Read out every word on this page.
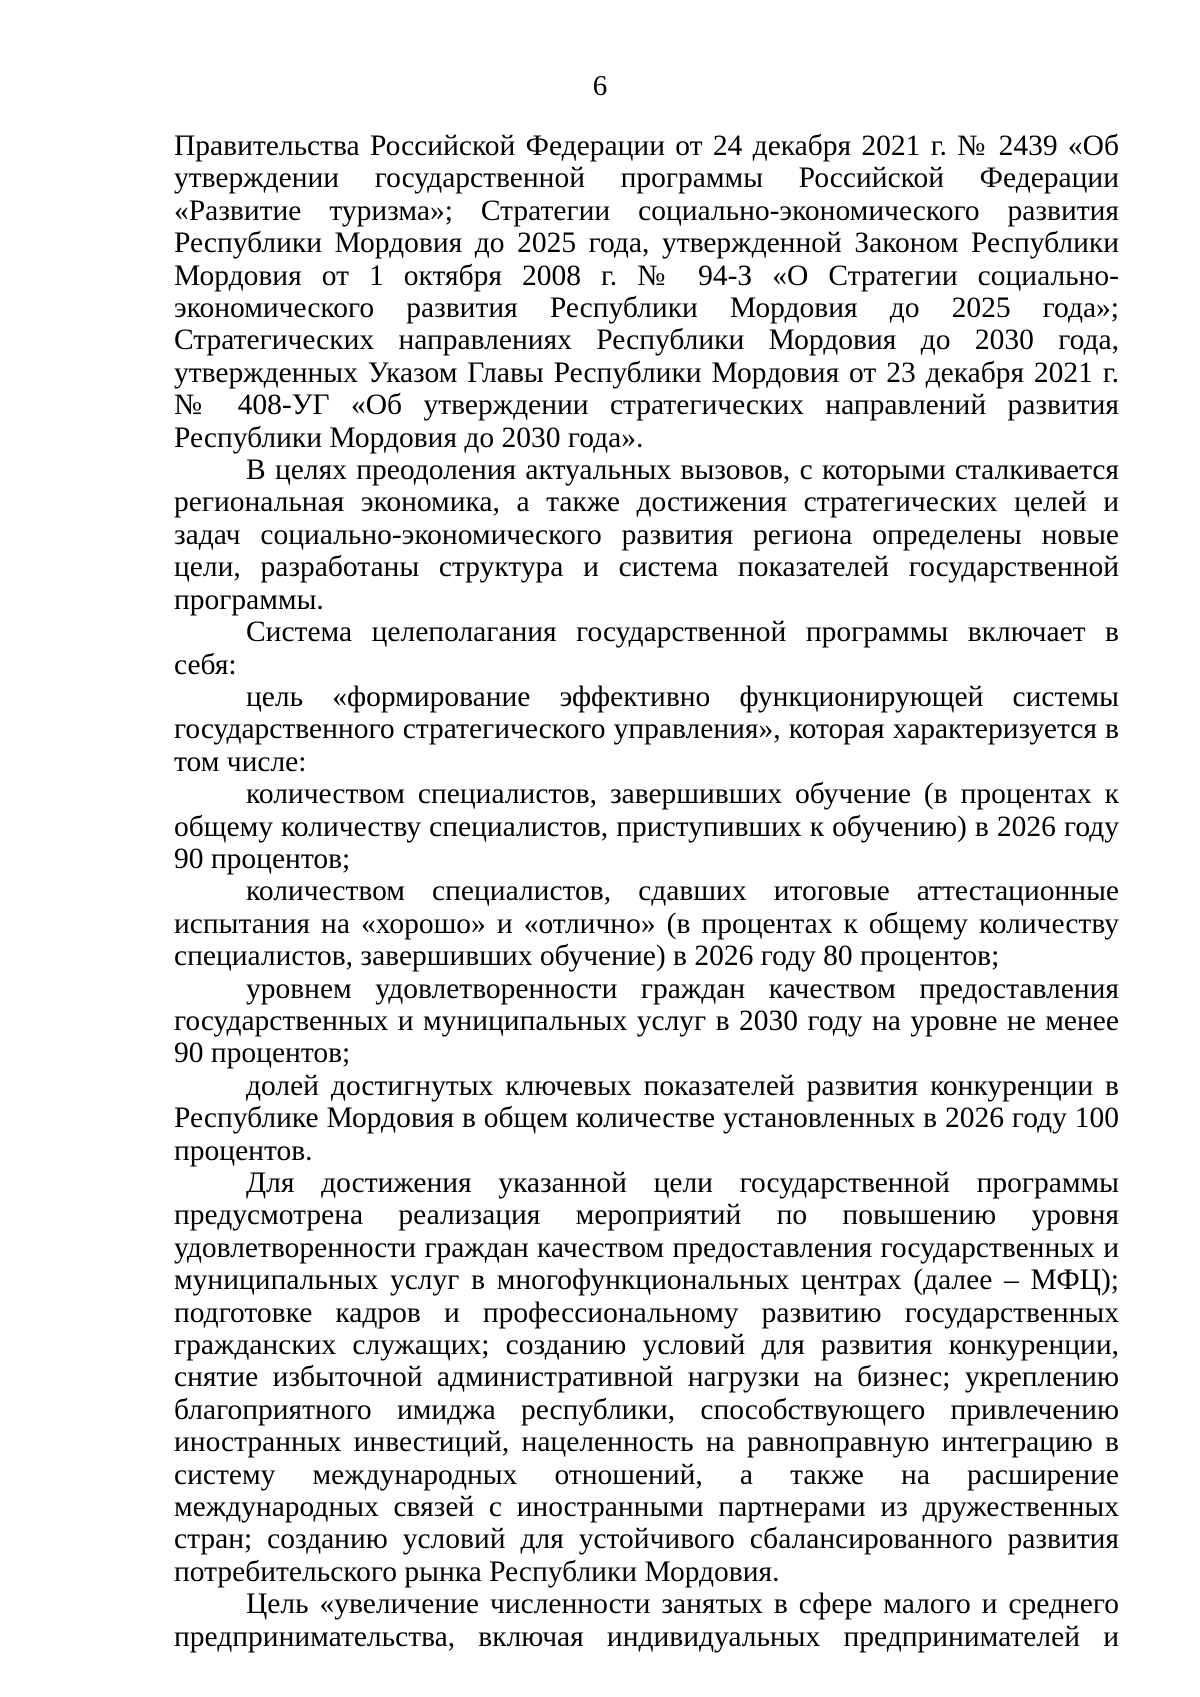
6

Правительства Российской Федерации от 24 декабря 2021 г. № 2439 «Об утверждении государственной программы Российской Федерации «Развитие туризма»; Стратегии социально-экономического развития Республики Мордовия до 2025 года, утвержденной Законом Республики Мордовия от 1 октября 2008 г. № 94-З «О Стратегии социально-экономического развития Республики Мордовия до 2025 года»; Стратегических направлениях Республики Мордовия до 2030 года, утвержденных Указом Главы Республики Мордовия от 23 декабря 2021 г. № 408-УГ «Об утверждении стратегических направлений развития Республики Мордовия до 2030 года».

В целях преодоления актуальных вызовов, с которыми сталкивается региональная экономика, а также достижения стратегических целей и задач социально-экономического развития региона определены новые цели, разработаны структура и система показателей государственной программы.

Система целеполагания государственной программы включает в себя:

цель «формирование эффективно функционирующей системы государственного стратегического управления», которая характеризуется в том числе:

количеством специалистов, завершивших обучение (в процентах к общему количеству специалистов, приступивших к обучению) в 2026 году 90 процентов;

количеством специалистов, сдавших итоговые аттестационные испытания на «хорошо» и «отлично» (в процентах к общему количеству специалистов, завершивших обучение) в 2026 году 80 процентов;

уровнем удовлетворенности граждан качеством предоставления государственных и муниципальных услуг в 2030 году на уровне не менее 90 процентов;

долей достигнутых ключевых показателей развития конкуренции в Республике Мордовия в общем количестве установленных в 2026 году 100 процентов.

Для достижения указанной цели государственной программы предусмотрена реализация мероприятий по повышению уровня удовлетворенности граждан качеством предоставления государственных и муниципальных услуг в многофункциональных центрах (далее – МФЦ); подготовке кадров и профессиональному развитию государственных гражданских служащих; созданию условий для развития конкуренции, снятие избыточной административной нагрузки на бизнес; укреплению благоприятного имиджа республики, способствующего привлечению иностранных инвестиций, нацеленность на равноправную интеграцию в систему международных отношений, а также на расширение международных связей с иностранными партнерами из дружественных стран; созданию условий для устойчивого сбалансированного развития потребительского рынка Республики Мордовия.

Цель «увеличение численности занятых в сфере малого и среднего предпринимательства, включая индивидуальных предпринимателей и
